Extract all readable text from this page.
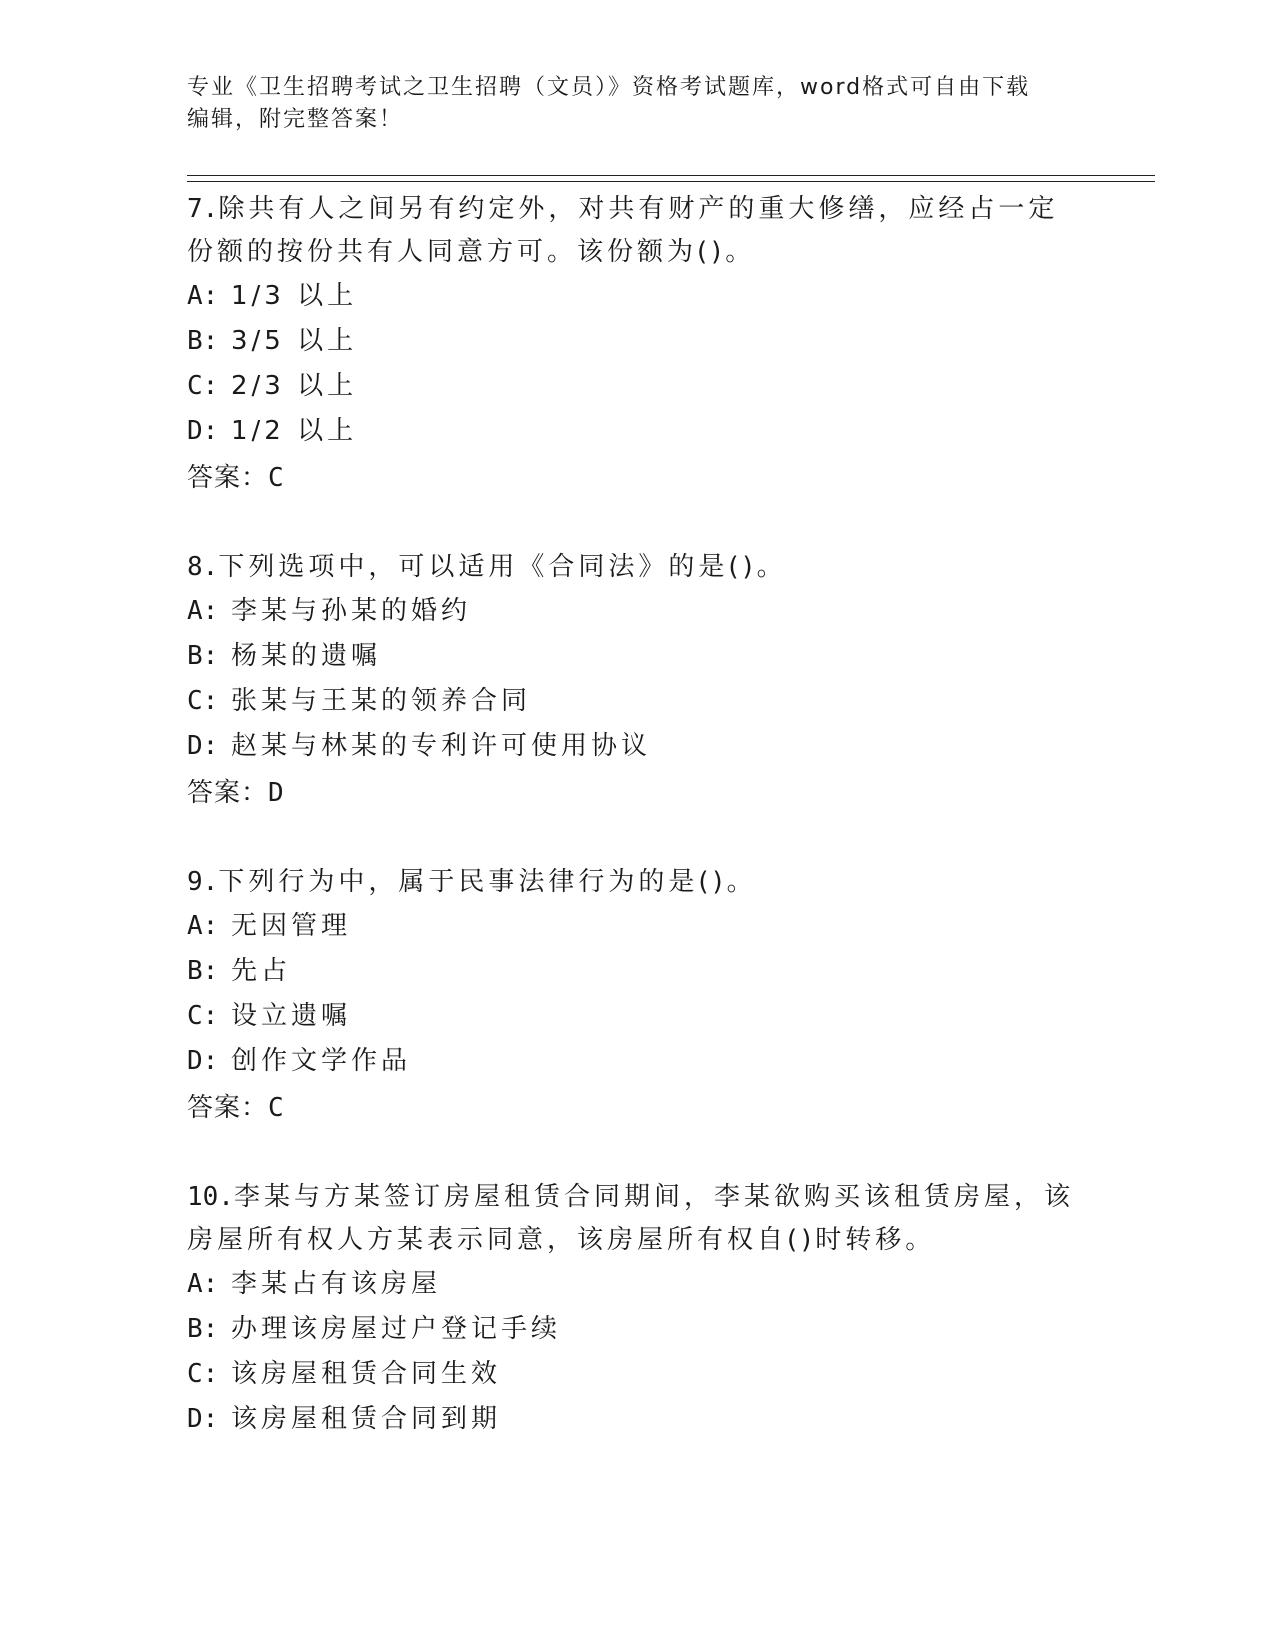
专业《卫生招聘考试之卫生招聘（文员）》资格考试题库，word格式可自由下载
编辑，附完整答案！
7.除共有人之间另有约定外，对共有财产的重大修缮，应经占一定份额的按份共有人同意方可。该份额为()。
A: 1/3 以上
B: 3/5 以上
C: 2/3 以上
D: 1/2 以上
答案：C
8.下列选项中，可以适用《合同法》的是()。
A: 李某与孙某的婚约
B: 杨某的遗嘱
C: 张某与王某的领养合同
D: 赵某与林某的专利许可使用协议
答案：D
9.下列行为中，属于民事法律行为的是()。
A: 无因管理
B: 先占
C: 设立遗嘱
D: 创作文学作品
答案：C
10.李某与方某签订房屋租赁合同期间，李某欲购买该租赁房屋，该房屋所有权人方某表示同意，该房屋所有权自()时转移。
A: 李某占有该房屋
B: 办理该房屋过户登记手续
C: 该房屋租赁合同生效
D: 该房屋租赁合同到期
